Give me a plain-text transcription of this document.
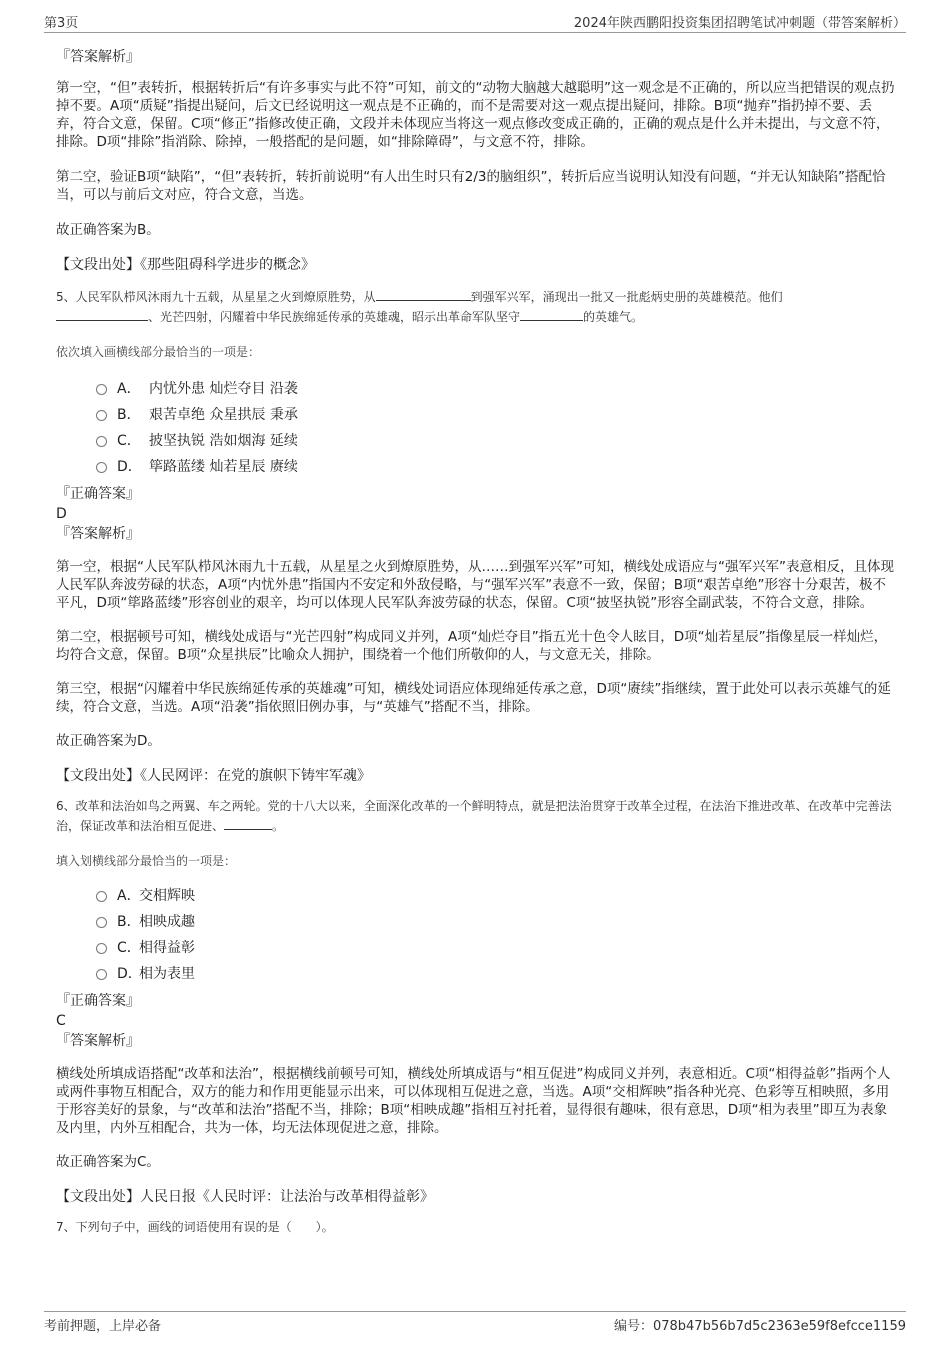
第3页	2024年陕西鹏阳投资集团招聘笔试冲刺题（带答案解析）

『答案解析』

第一空，“但”表转折，根据转折后“有许多事实与此不符”可知，前文的“动物大脑越大越聪明”这一观念是不正确的，所以应当把错误的观点扔掉不要。A项“质疑”指提出疑问，后文已经说明这一观点是不正确的，而不是需要对这一观点提出疑问，排除。B项“抛弃”指扔掉不要、丢弃，符合文意，保留。C项“修正”指修改使正确，文段并未体现应当将这一观点修改变成正确的，正确的观点是什么并未提出，与文意不符，排除。D项“排除”指消除、除掉，一般搭配的是问题，如“排除障碍”，与文意不符，排除。

第二空，验证B项“缺陷”，“但”表转折，转折前说明“有人出生时只有2/3的脑组织”，转折后应当说明认知没有问题，“并无认知缺陷”搭配恰当，可以与前后文对应，符合文意，当选。

故正确答案为B。

【文段出处】《那些阻碍科学进步的概念》

5、人民军队栉风沐雨九十五载，从星星之火到燎原胜势，从	到强军兴军，涌现出一批又一批彪炳史册的英雄模范。他们
、光芒四射，闪耀着中华民族绵延传承的英雄魂，昭示出革命军队坚守	的英雄气。

依次填入画横线部分最恰当的一项是：

A． 内忧外患 灿烂夺目 沿袭
B． 艰苦卓绝 众星拱辰 秉承
C． 披坚执锐 浩如烟海 延续
D． 筚路蓝缕 灿若星辰 赓续

『正确答案』

D

『答案解析』

第一空，根据“人民军队栉风沐雨九十五载，从星星之火到燎原胜势，从……到强军兴军”可知，横线处成语应与“强军兴军”表意相反，且体现人民军队奔波劳碌的状态，A项“内忧外患”指国内不安定和外敌侵略，与“强军兴军”表意不一致，保留；B项“艰苦卓绝”形容十分艰苦，极不平凡，D项“筚路蓝缕”形容创业的艰辛，均可以体现人民军队奔波劳碌的状态，保留。C项“披坚执锐”形容全副武装，不符合文意，排除。

第二空，根据顿号可知，横线处成语与“光芒四射”构成同义并列，A项“灿烂夺目”指五光十色令人眩目，D项“灿若星辰”指像星辰一样灿烂，均符合文意，保留。B项“众星拱辰”比喻众人拥护，围绕着一个他们所敬仰的人，与文意无关，排除。

第三空，根据“闪耀着中华民族绵延传承的英雄魂”可知，横线处词语应体现绵延传承之意，D项“赓续”指继续，置于此处可以表示英雄气的延续，符合文意，当选。A项“沿袭”指依照旧例办事，与“英雄气”搭配不当，排除。

故正确答案为D。

【文段出处】《人民网评：在党的旗帜下铸牢军魂》

6、改革和法治如鸟之两翼、车之两轮。党的十八大以来，全面深化改革的一个鲜明特点，就是把法治贯穿于改革全过程，在法治下推进改革、在改革中完善法治，保证改革和法治相互促进、	。

填入划横线部分最恰当的一项是：

A．交相辉映
B．相映成趣
C．相得益彰
D．相为表里

『正确答案』

C

『答案解析』

横线处所填成语搭配“改革和法治”，根据横线前顿号可知，横线处所填成语与“相互促进”构成同义并列，表意相近。C项“相得益彰”指两个人或两件事物互相配合，双方的能力和作用更能显示出来，可以体现相互促进之意，当选。A项“交相辉映”指各种光亮、色彩等互相映照，多用于形容美好的景象，与“改革和法治”搭配不当，排除；B项“相映成趣”指相互衬托着，显得很有趣味，很有意思，D项“相为表里”即互为表象及内里，内外互相配合，共为一体，均无法体现促进之意，排除。

故正确答案为C。

【文段出处】人民日报《人民时评：让法治与改革相得益彰》

7、下列句子中，画线的词语使用有误的是（　　）。

考前押题，上岸必备	编号：078b47b56b7d5c2363e59f8efcce1159
